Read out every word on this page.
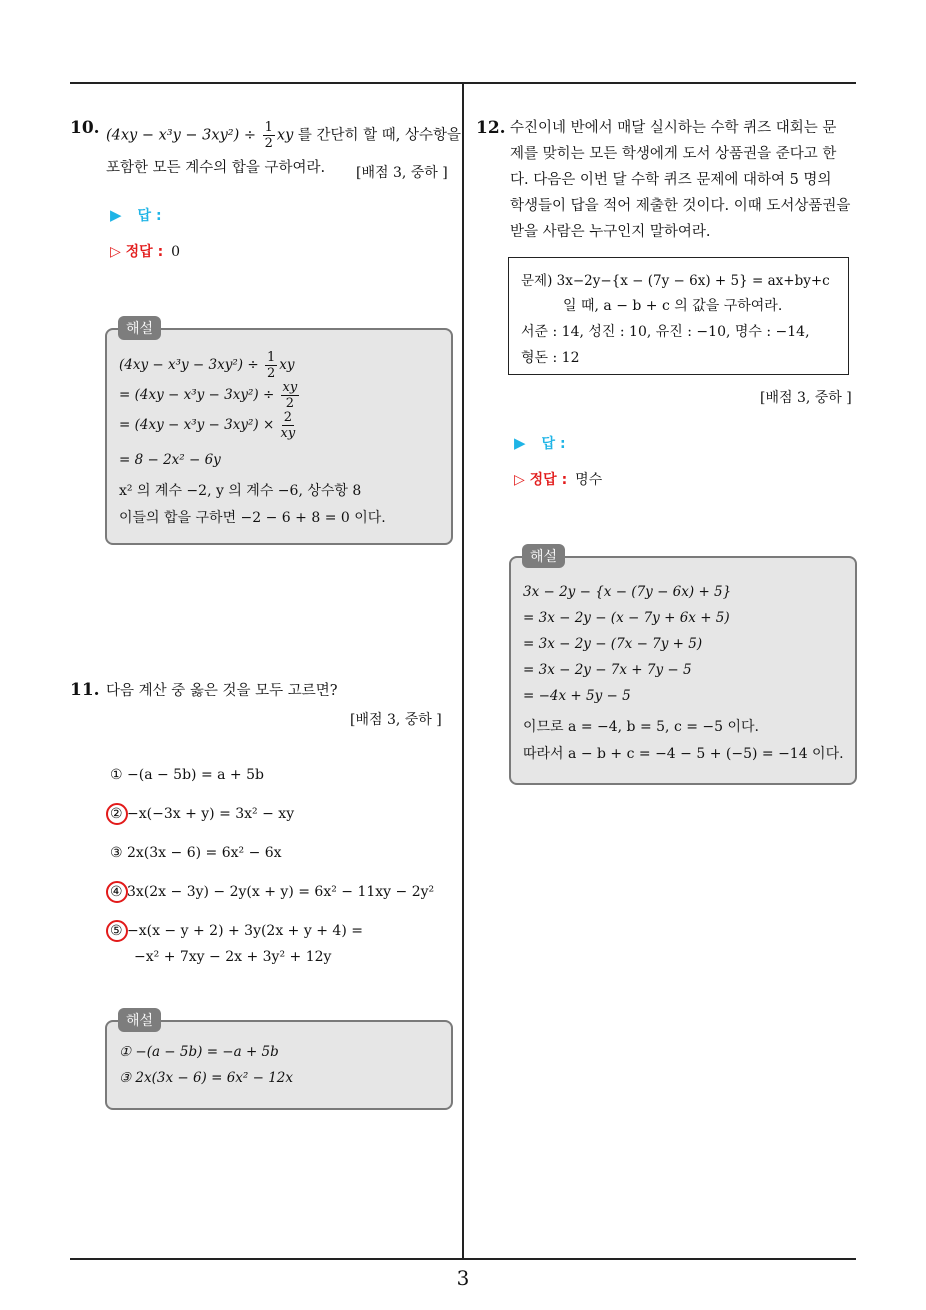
10. $(4xy - x^3y - 3xy^2) \div \frac{1}{2}$ xy 를 간단히 할 때, 상수항을
포함한 모든 계수의 합을 구하여라.	[배점 3, 중하 ]
▶ 답 :
▷ 정답 : 0
$(4xy - x^3y - 3xy^2) \div \frac{1}{2}$ xy
= $(4xy - x^3y - 3xy^2) \div \frac{xy}{2}$
= $(4xy - x^3y - 3xy^2) \times \frac{2}{xy}$
= 8 − 2x² − 6y
x² 의 계수 −2, y 의 계수 −6, 상수항 8
이들의 합을 구하면 −2 − 6 + 8 = 0 이다.
해설
11. 다음 계산 중 옳은 것을 모두 고르면?
[배점 3, 중하 ]
① −(a − 5b) = a + 5b
② −x(−3x + y) = 3x² − xy
③ 2x(3x − 6) = 6x² − 6x
④ 3x(2x − 3y) − 2y(x + y) = 6x² − 11xy − 2y²
⑤ −x(x − y + 2) + 3y(2x + y + 4) =
−x² + 7xy − 2x + 3y² + 12y
① −(a − 5b) = −a + 5b
③ 2x(3x − 6) = 6x² − 12x
해설
12. 수진이네 반에서 매달 실시하는 수학 퀴즈 대회는 문
제를 맞히는 모든 학생에게 도서 상품권을 준다고 한
다. 다음은 이번 달 수학 퀴즈 문제에 대하여 5 명의
학생들이 답을 적어 제출한 것이다. 이때 도서상품권을
받을 사람은 누구인지 말하여라.
문제) 3x−2y−{x − (7y − 6x) + 5} = ax+by+c
일 때, a − b + c 의 값을 구하여라.
서준 : 14, 성진 : 10, 유진 : −10, 명수 : −14,
형돈 : 12
[배점 3, 중하 ]
▶ 답 :
▷ 정답 : 명수
3x − 2y − {x − (7y − 6x) + 5}
= 3x − 2y − (x − 7y + 6x + 5)
= 3x − 2y − (7x − 7y + 5)
= 3x − 2y − 7x + 7y − 5
= −4x + 5y − 5
이므로 a = −4, b = 5, c = −5 이다.
따라서 a − b + c = −4 − 5 + (−5) = −14 이다.
해설
3
